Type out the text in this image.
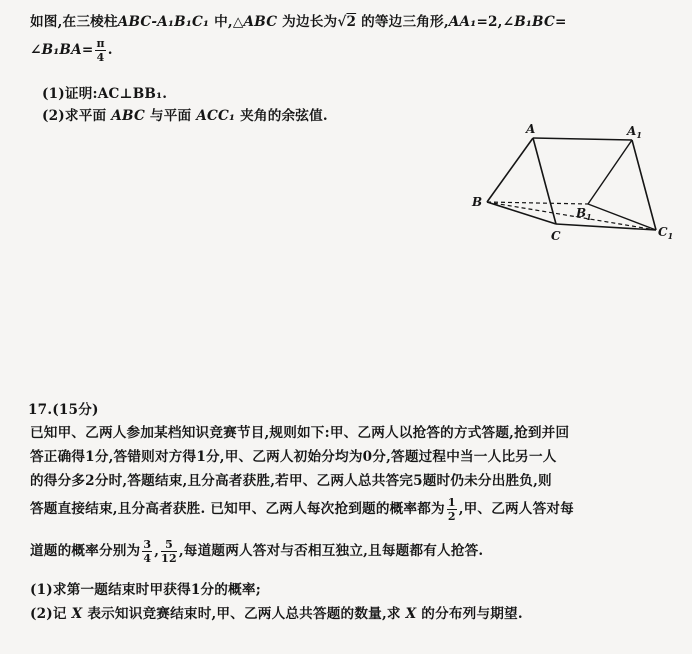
如图,在三棱柱ABC-A₁B₁C₁ 中,△ABC 为边长为√2 的等边三角形,AA₁=2,∠B₁BC=
∠B₁BA= $\frac{\pi}{4}$ .
(1)证明:AC⊥BB₁.
(2)求平面 ABC 与平面 ACC₁ 夹角的余弦值.
A	$A_1$
B
$B_1$
C	$C_1$
17.(15分)
已知甲、乙两人参加某档知识竞赛节目,规则如下:甲、乙两人以抢答的方式答题,抢到并回
答正确得1分,答错则对方得1分,甲、乙两人初始分均为0分,答题过程中当一人比另一人
的得分多2分时,答题结束,且分高者获胜,若甲、乙两人总共答完5题时仍未分出胜负,则
答题直接结束,且分高者获胜. 已知甲、乙两人每次抢到题的概率都为 $\frac{1}{2}$ ,甲、乙两人答对每
道题的概率分别为 $\frac{3}{4}$ , $\frac{5}{12}$ ,每道题两人答对与否相互独立,且每题都有人抢答.
(1)求第一题结束时甲获得1分的概率;
(2)记 X 表示知识竞赛结束时,甲、乙两人总共答题的数量,求 X 的分布列与期望.
